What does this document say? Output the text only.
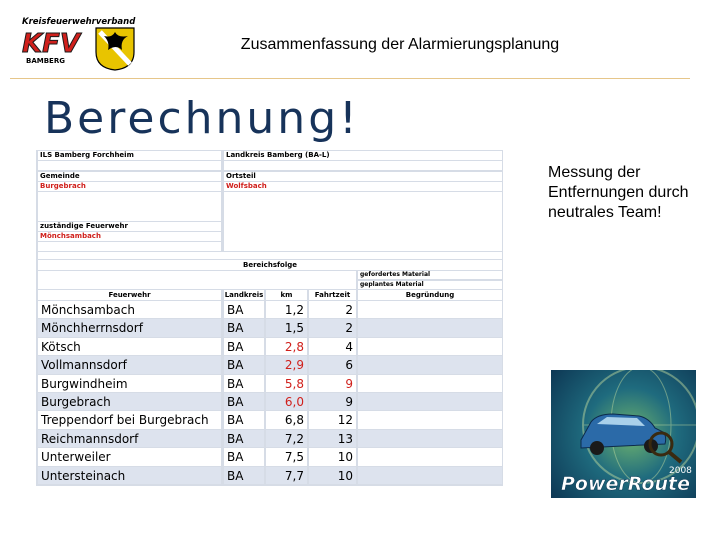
Kreisfeuerwehrverband
KFV
BAMBERG
Zusammenfassung der Alarmierungsplanung
Berechnung!
ILS Bamberg Forchheim	Landkreis Bamberg (BA-L)
Gemeinde	Ortsteil
Burgebrach	Wolfsbach
zuständige Feuerwehr
Mönchsambach
Bereichsfolge
gefordertes Material
geplantes Material
Feuerwehr	Landkreis	km	Fahrtzeit	Begründung
Mönchsambach	BA	1,2	2
Mönchherrnsdorf	BA	1,5	2
Kötsch	BA	2,8	4
Vollmannsdorf	BA	2,9	6
Burgwindheim	BA	5,8	9
Burgebrach	BA	6,0	9
Treppendorf bei Burgebrach	BA	6,8	12
Reichmannsdorf	BA	7,2	13
Unterweiler	BA	7,5	10
Untersteinach	BA	7,7	10
Messung der Entfernungen durch neutrales Team!
2008
PowerRoute
